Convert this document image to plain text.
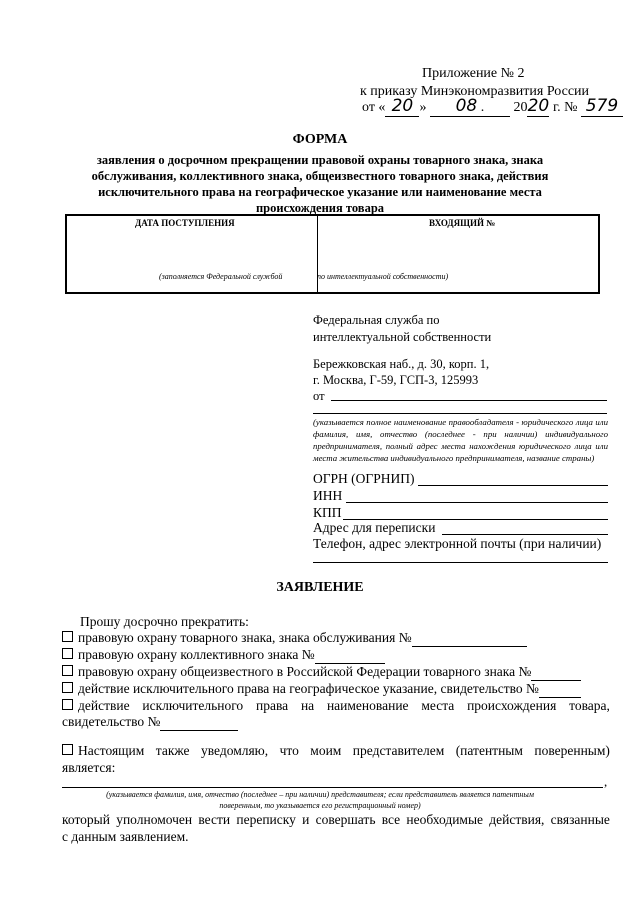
Приложение № 2
к приказу Минэкономразвития России
от « 20 » 08 . 2020 г. № 579
ФОРМА
заявления о досрочном прекращении правовой охраны товарного знака, знака обслуживания, коллективного знака, общеизвестного товарного знака, действия исключительного права на географическое указание или наименование места происхождения товара
ДАТА ПОСТУПЛЕНИЯ	ВХОДЯЩИЙ №
(заполняется Федеральной службой	по интеллектуальной собственности)
Федеральная служба по
интеллектуальной собственности
Бережковская наб., д. 30, корп. 1,
г. Москва, Г-59, ГСП-3, 125993
от
(указывается полное наименование правообладателя - юридического лица или фамилия, имя, отчество (последнее - при наличии) индивидуального предпринимателя, полный адрес места нахождения юридического лица или места жительства индивидуального предпринимателя, название страны)
ОГРН (ОГРНИП)
ИНН
КПП
Адрес для переписки
Телефон, адрес электронной почты (при наличии)
ЗАЯВЛЕНИЕ
Прошу досрочно прекратить:
правовую охрану товарного знака, знака обслуживания №
правовую охрану коллективного знака №
правовую охрану общеизвестного в Российской Федерации товарного знака №
действие исключительного права на географическое указание, свидетельство №
действие исключительного права на наименование места происхождения товара,
свидетельство №
Настоящим также уведомляю, что моим представителем (патентным поверенным)
является:
,
(указывается фамилия, имя, отчество (последнее – при наличии) представителя; если представитель является патентным
поверенным, то указывается его регистрационный номер)
который уполномочен вести переписку и совершать все необходимые действия, связанные
с данным заявлением.
